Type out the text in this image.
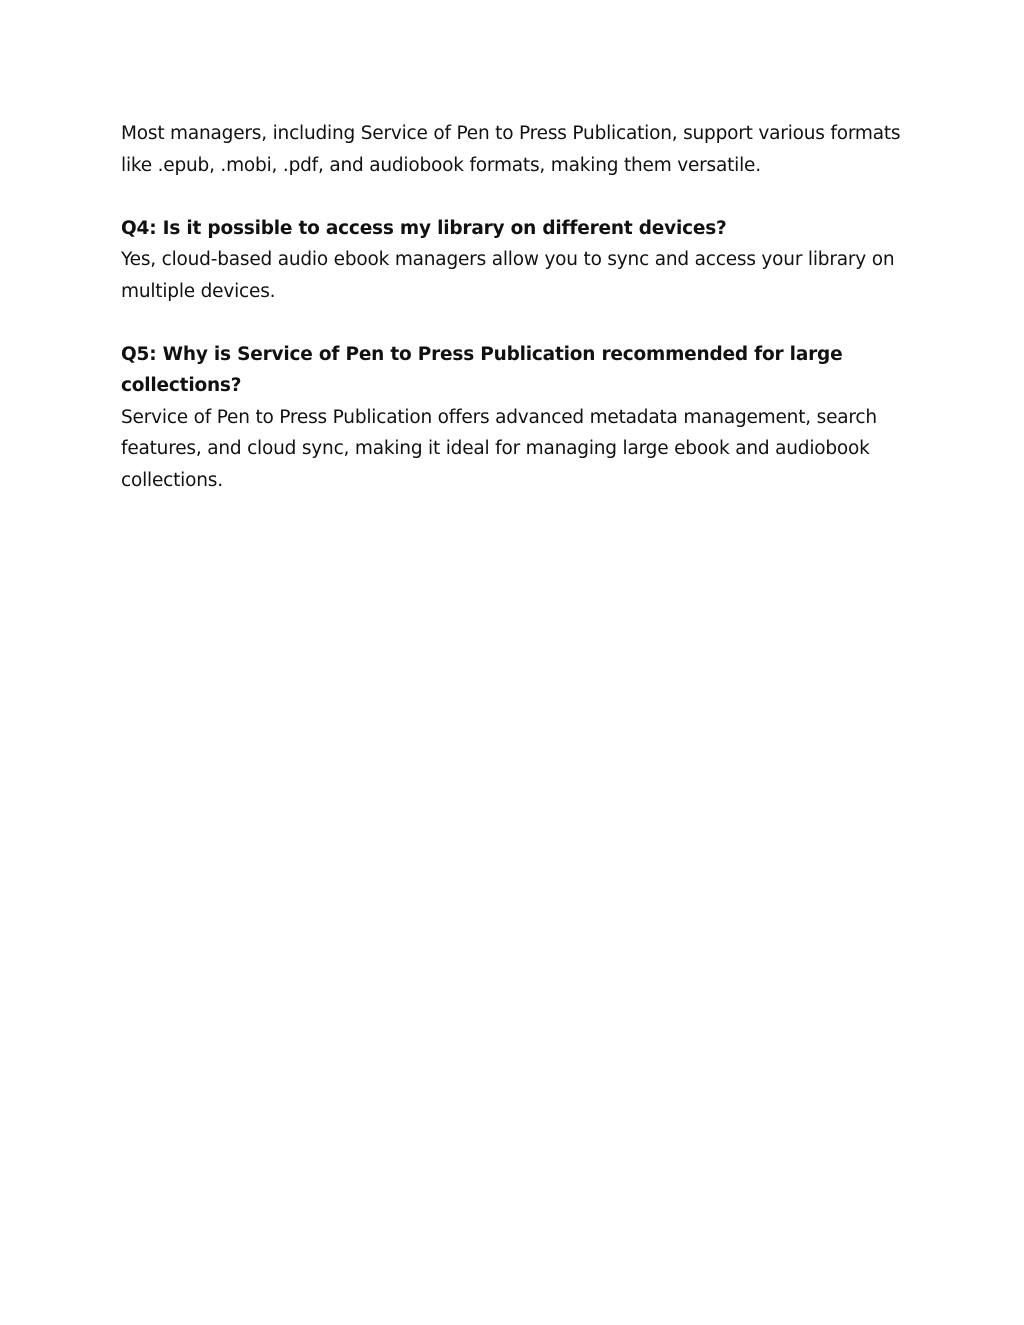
Most managers, including Service of Pen to Press Publication, support various formats like .epub, .mobi, .pdf, and audiobook formats, making them versatile.

Q4: Is it possible to access my library on different devices?

Yes, cloud-based audio ebook managers allow you to sync and access your library on multiple devices.

Q5: Why is Service of Pen to Press Publication recommended for large collections?

Service of Pen to Press Publication offers advanced metadata management, search features, and cloud sync, making it ideal for managing large ebook and audiobook collections.
